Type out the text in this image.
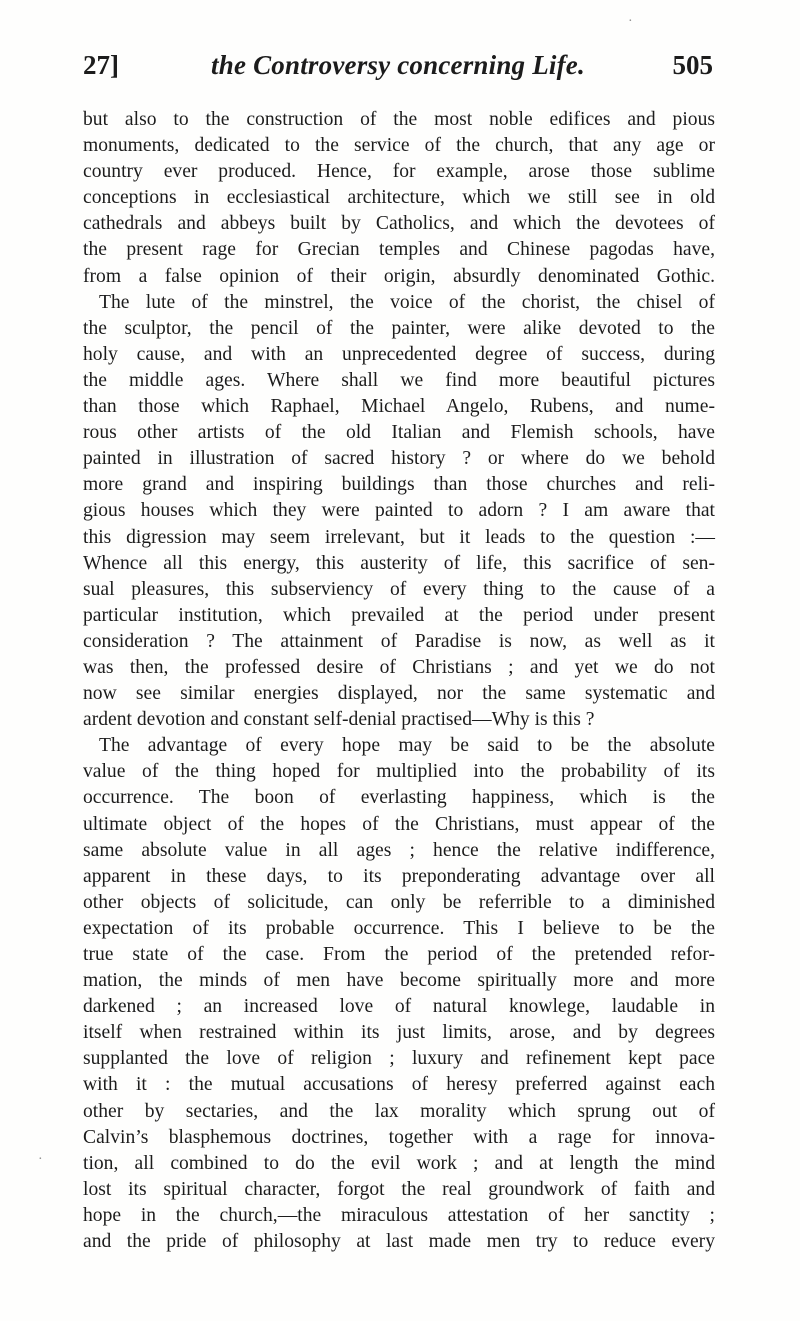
27]	the Controversy concerning Life.	505
but also to the construction of the most noble edifices and pious
monuments, dedicated to the service of the church, that any age or
country ever produced. Hence, for example, arose those sublime
conceptions in ecclesiastical architecture, which we still see in old
cathedrals and abbeys built by Catholics, and which the devotees of
the present rage for Grecian temples and Chinese pagodas have,
from a false opinion of their origin, absurdly denominated Gothic.
The lute of the minstrel, the voice of the chorist, the chisel of
the sculptor, the pencil of the painter, were alike devoted to the
holy cause, and with an unprecedented degree of success, during
the middle ages. Where shall we find more beautiful pictures
than those which Raphael, Michael Angelo, Rubens, and nume-
rous other artists of the old Italian and Flemish schools, have
painted in illustration of sacred history ? or where do we behold
more grand and inspiring buildings than those churches and reli-
gious houses which they were painted to adorn ? I am aware that
this digression may seem irrelevant, but it leads to the question :—
Whence all this energy, this austerity of life, this sacrifice of sen-
sual pleasures, this subserviency of every thing to the cause of a
particular institution, which prevailed at the period under present
consideration ? The attainment of Paradise is now, as well as it
was then, the professed desire of Christians ; and yet we do not
now see similar energies displayed, nor the same systematic and
ardent devotion and constant self-denial practised—Why is this ?
The advantage of every hope may be said to be the absolute
value of the thing hoped for multiplied into the probability of its
occurrence. The boon of everlasting happiness, which is the
ultimate object of the hopes of the Christians, must appear of the
same absolute value in all ages ; hence the relative indifference,
apparent in these days, to its preponderating advantage over all
other objects of solicitude, can only be referrible to a diminished
expectation of its probable occurrence. This I believe to be the
true state of the case. From the period of the pretended refor-
mation, the minds of men have become spiritually more and more
darkened ; an increased love of natural knowlege, laudable in
itself when restrained within its just limits, arose, and by degrees
supplanted the love of religion ; luxury and refinement kept pace
with it : the mutual accusations of heresy preferred against each
other by sectaries, and the lax morality which sprung out of
Calvin’s blasphemous doctrines, together with a rage for innova-
tion, all combined to do the evil work ; and at length the mind
lost its spiritual character, forgot the real groundwork of faith and
hope in the church,—the miraculous attestation of her sanctity ;
and the pride of philosophy at last made men try to reduce every
·
·
